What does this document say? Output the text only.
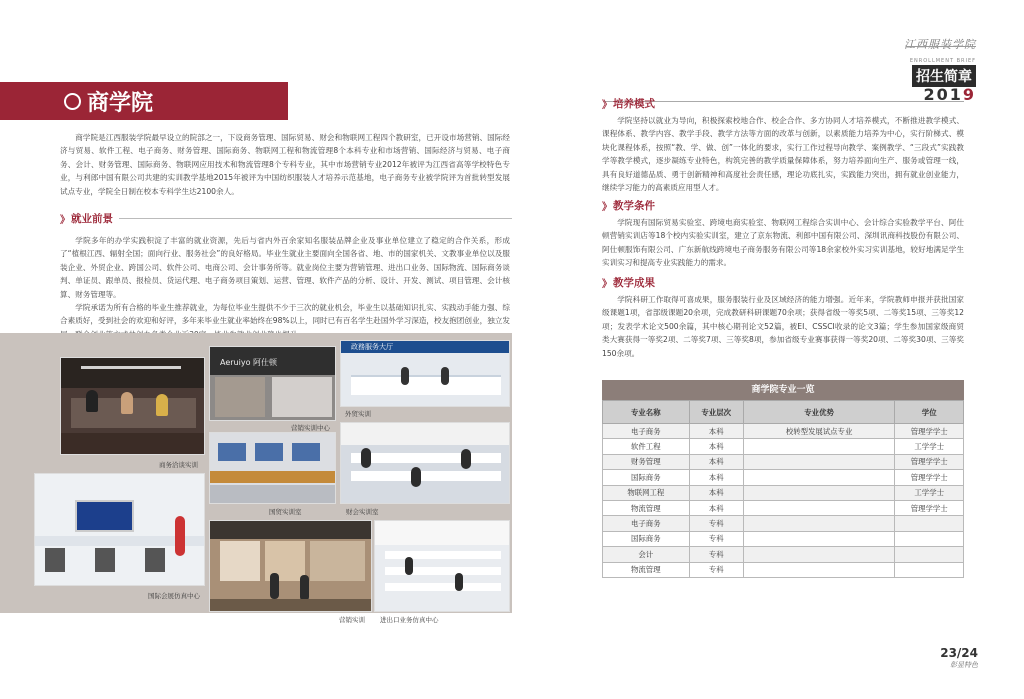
江西服装学院
ENROLLMENT BRIEF
招生简章
2019
商学院

商学院是江西服装学院最早设立的院部之一，下设商务管理、国际贸易、财会和物联网工程四个教研室，已开设市场营销、国际经济与贸易、软件工程、电子商务、财务管理、国际商务、物联网工程和物流管理8个本科专业和市场营销、国际经济与贸易、电子商务、会计、财务管理、国际商务、物联网应用技术和物流管理8个专科专业，其中市场营销专业2012年被评为江西省高等学校特色专业，与利郎中国有限公司共建的实训教学基地2015年被评为中国纺织服装人才培养示范基地，电子商务专业被学院评为首批转型发展试点专业，学院全日制在校本专科学生达2100余人。

》 就业前景

学院多年的办学实践积淀了丰富的就业资源，先后与省内外百余家知名服装品牌企业及事业单位建立了稳定的合作关系，形成了“植根江西、辐射全国；面向行业、服务社会”的良好格局。毕业生就业主要面向全国各省、地、市的国家机关、文教事业单位以及服装企业、外贸企业、跨国公司、软件公司、电商公司、会计事务所等。就业岗位主要为营销管理、进出口业务、国际物流、国际商务谈判、单证员、跟单员、报检员、货运代理、电子商务项目策划、运营、管理、软件产品的分析、设计、开发、测试、项目管理、会计核算、财务管理等。

学院承诺为所有合格的毕业生推荐就业，为每位毕业生提供不少于三次的就业机会，毕业生以基础知识扎实、实践动手能力强、综合素质好，受到社会的欢迎和好评，多年来毕业生就业率始终在98%以上，同时已有百名学生赴国外学习深造，校友抱团创业，独立发

商务洽谈实训
Aeruiyo 阿仕顿
营销实训中心
政務服务大厅
外贸实训
国贸实训室	财会实训室
国际会展仿真中心
营销实训 进出口业务仿真中心
》 培养模式

学院坚持以就业为导向，积极探索校地合作、校企合作、多方协同人才培养模式，不断推进教学模式、课程体系、教学内容、教学手段、教学方法等方面的改革与创新，以素质能力培养为中心，实行阶梯式、模块化课程体系，按照“教、学、做、创”一体化的要求，实行工作过程导向教学、案例教学、“三段式”实践教学等教学模式，逐步凝练专业特色，构筑完善的教学质量保障体系，努力培养面向生产、服务或管理一线，具有良好道德品质、勇于创新精神和高度社会责任感，理论功底扎实，实践能力突出，拥有就业创业能力，继续学习能力的高素质应用型人才。

》 教学条件

学院现有国际贸易实验室、跨境电商实验室、物联网工程综合实训中心、会计综合实验教学平台、阿仕顿营销实训店等18个校内实验实训室，建立了京东物流、利郎中国有限公司、深圳讯商科技股份有限公司、阿仕顿服饰有限公司、广东新航线跨境电子商务服务有限公司等18余家校外实习实训基地，较好地满足学生实训实习和提高专业实践能力的需求。

》 教学成果

学院科研工作取得可喜成果，服务服装行业及区域经济的能力增强。近年来，学院教师申报并获批国家级课题1项，省部级课题20余项，完成教研科研课题70余项；获得省级一等奖5项、二等奖15项、三等奖12项；发表学术论文500余篇，其中核心期刊论文52篇，被EI、CSSCI收录的论文3篇；学生参加国家级商贸类大赛获得一等奖2项、二等奖7项、三等奖8项，参加省级专业赛事获得一等奖20项、二等奖30项、三等奖150余项。

商学院专业一览
专业名称	专业层次	专业优势	学位
电子商务	本科	校转型发展试点专业	管理学学士
软件工程	本科		工学学士
财务管理	本科		管理学学士
国际商务	本科		管理学学士
物联网工程	本科		工学学士
物流管理	本科		管理学学士
电子商务	专科		
国际商务	专科		
会计	专科		
物流管理	专科		
23/24
彰显特色
